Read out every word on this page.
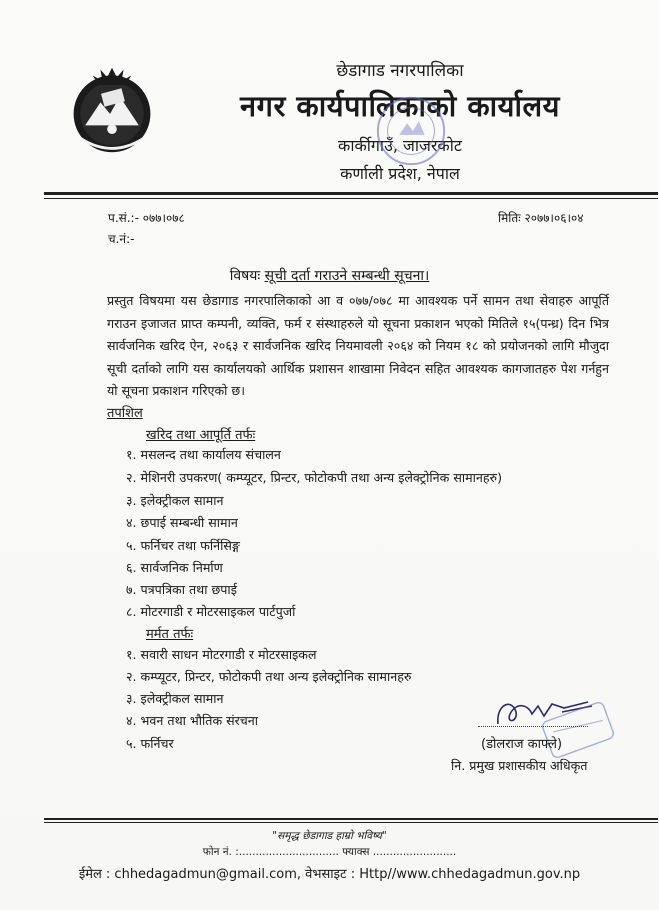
छेडागाड नगरपालिका
नगर कार्यपालिकाको कार्यालय
कार्कीगाउँ, जाजरकोट
कर्णाली प्रदेश, नेपाल
प.सं.:- ०७७।०७८
च.नं:-
मितिः २०७७।०६।०४
विषयः सूची दर्ता गराउने सम्बन्धी सूचना।
प्रस्तुत विषयमा यस छेडागाड नगरपालिकाको आ व ०७७/०७८ मा आवश्यक पर्ने सामन तथा सेवाहरु आपूर्ति गराउन इजाजत प्राप्त कम्पनी, व्यक्ति, फर्म र संस्थाहरुले यो सूचना प्रकाशन भएको मितिले १५(पन्ध्र) दिन भित्र सार्वजनिक खरिद ऐन, २०६३ र सार्वजनिक खरिद नियमावली २०६४ को नियम १८ को प्रयोजनको लागि मौजुदा सूची दर्ताको लागि यस कार्यालयको आर्थिक प्रशासन शाखामा निवेदन सहित आवश्यक कागजातहरु पेश गर्नहुन यो सूचना प्रकाशन गरिएको छ।
तपशिल
खरिद तथा आपूर्ति तर्फः
१. मसलन्द तथा कार्यालय संचालन
२. मेशिनरी उपकरण( कम्प्यूटर, प्रिन्टर, फोटोकपी तथा अन्य इलेक्ट्रोनिक सामानहरु)
३. इलेक्ट्रीकल सामान
४. छपाई सम्बन्धी सामान
५. फर्निचर तथा फर्निसिङ्ग
६. सार्वजनिक निर्माण
७. पत्रपत्रिका तथा छपाई
८. मोटरगाडी र मोटरसाइकल पार्टपुर्जा
मर्मत तर्फः
१. सवारी साधन मोटरगाडी र मोटरसाइकल
२. कम्प्यूटर, प्रिन्टर, फोटोकपी तथा अन्य इलेक्ट्रोनिक सामानहरु
३. इलेक्ट्रीकल सामान
४. भवन तथा भौतिक संरचना
५. फर्निचर	(डोलराज काफ्ले)
नि. प्रमुख प्रशासकीय अधिकृत
"समृद्ध छेडागाड हाम्रो भविष्य"
फोन नं. :.............................. फ्याक्स .........................
ईमेल : chhedagadmun@gmail.com, वेभसाइट : Http//www.chhedagadmun.gov.np
